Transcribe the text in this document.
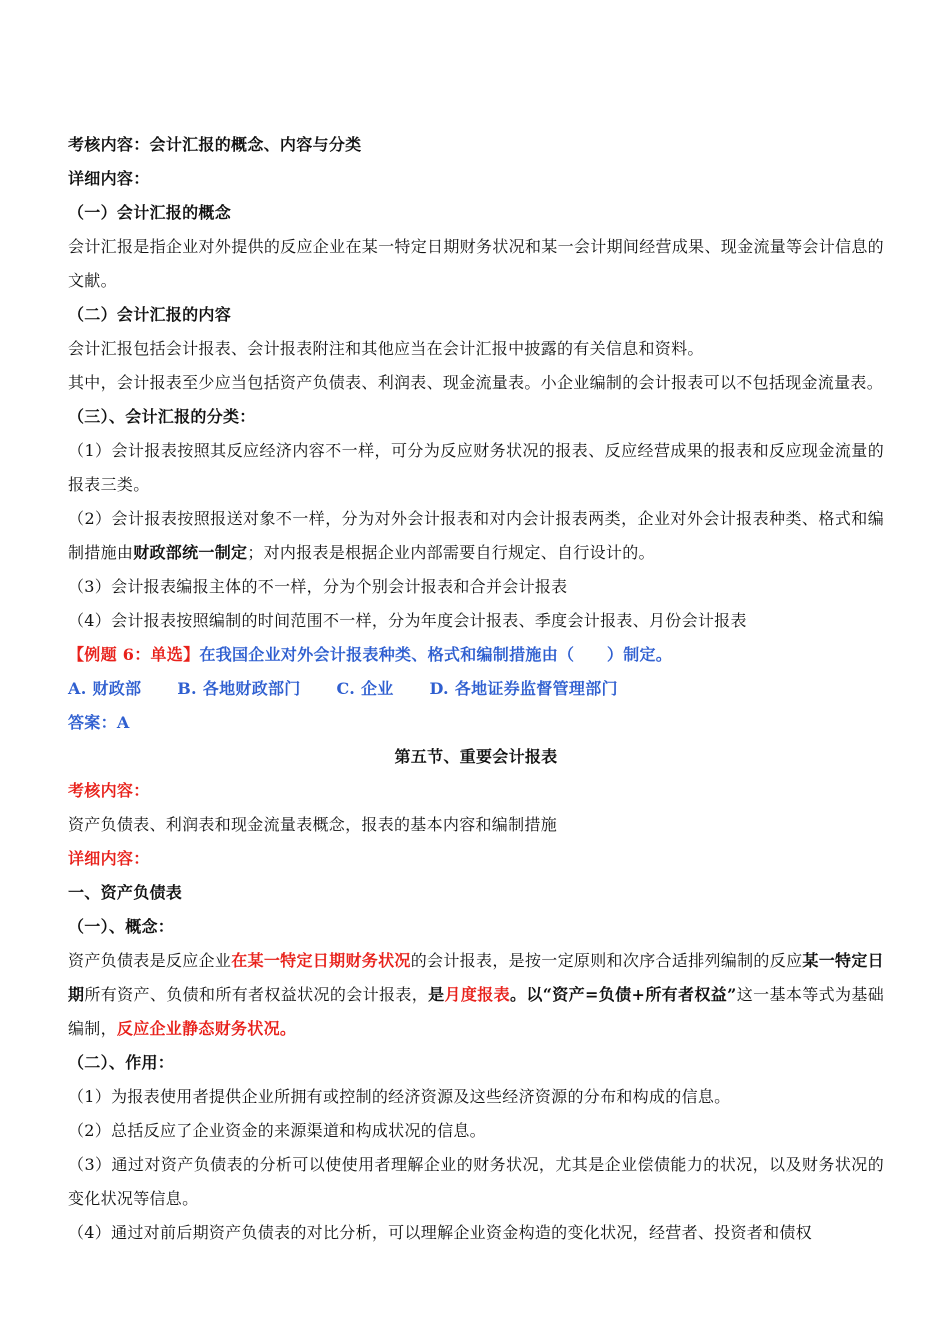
考核内容：会计汇报的概念、内容与分类
详细内容：
（一）会计汇报的概念
会计汇报是指企业对外提供的反应企业在某一特定日期财务状况和某一会计期间经营成果、现金流量等会计信息的文献。
（二）会计汇报的内容
会计汇报包括会计报表、会计报表附注和其他应当在会计汇报中披露的有关信息和资料。
其中，会计报表至少应当包括资产负债表、利润表、现金流量表。小企业编制的会计报表可以不包括现金流量表。
（三）、会计汇报的分类：
（1）会计报表按照其反应经济内容不一样，可分为反应财务状况的报表、反应经营成果的报表和反应现金流量的报表三类。
（2）会计报表按照报送对象不一样，分为对外会计报表和对内会计报表两类，企业对外会计报表种类、格式和编制措施由财政部统一制定；对内报表是根据企业内部需要自行规定、自行设计的。
（3）会计报表编报主体的不一样，分为个别会计报表和合并会计报表
（4）会计报表按照编制的时间范围不一样，分为年度会计报表、季度会计报表、月份会计报表
【例题 6：单选】在我国企业对外会计报表种类、格式和编制措施由（　　）制定。
A. 财政部 B. 各地财政部门 C. 企业 D. 各地证券监督管理部门
答案：A
第五节、重要会计报表
考核内容：
资产负债表、利润表和现金流量表概念，报表的基本内容和编制措施
详细内容：
一、资产负债表
（一）、概念：
资产负债表是反应企业在某一特定日期财务状况的会计报表，是按一定原则和次序合适排列编制的反应某一特定日期所有资产、负债和所有者权益状况的会计报表，是月度报表。以“资产=负债+所有者权益”这一基本等式为基础编制，反应企业静态财务状况。
（二）、作用：
（1）为报表使用者提供企业所拥有或控制的经济资源及这些经济资源的分布和构成的信息。
（2）总括反应了企业资金的来源渠道和构成状况的信息。
（3）通过对资产负债表的分析可以使使用者理解企业的财务状况，尤其是企业偿债能力的状况，以及财务状况的变化状况等信息。
（4）通过对前后期资产负债表的对比分析，可以理解企业资金构造的变化状况，经营者、投资者和债权
